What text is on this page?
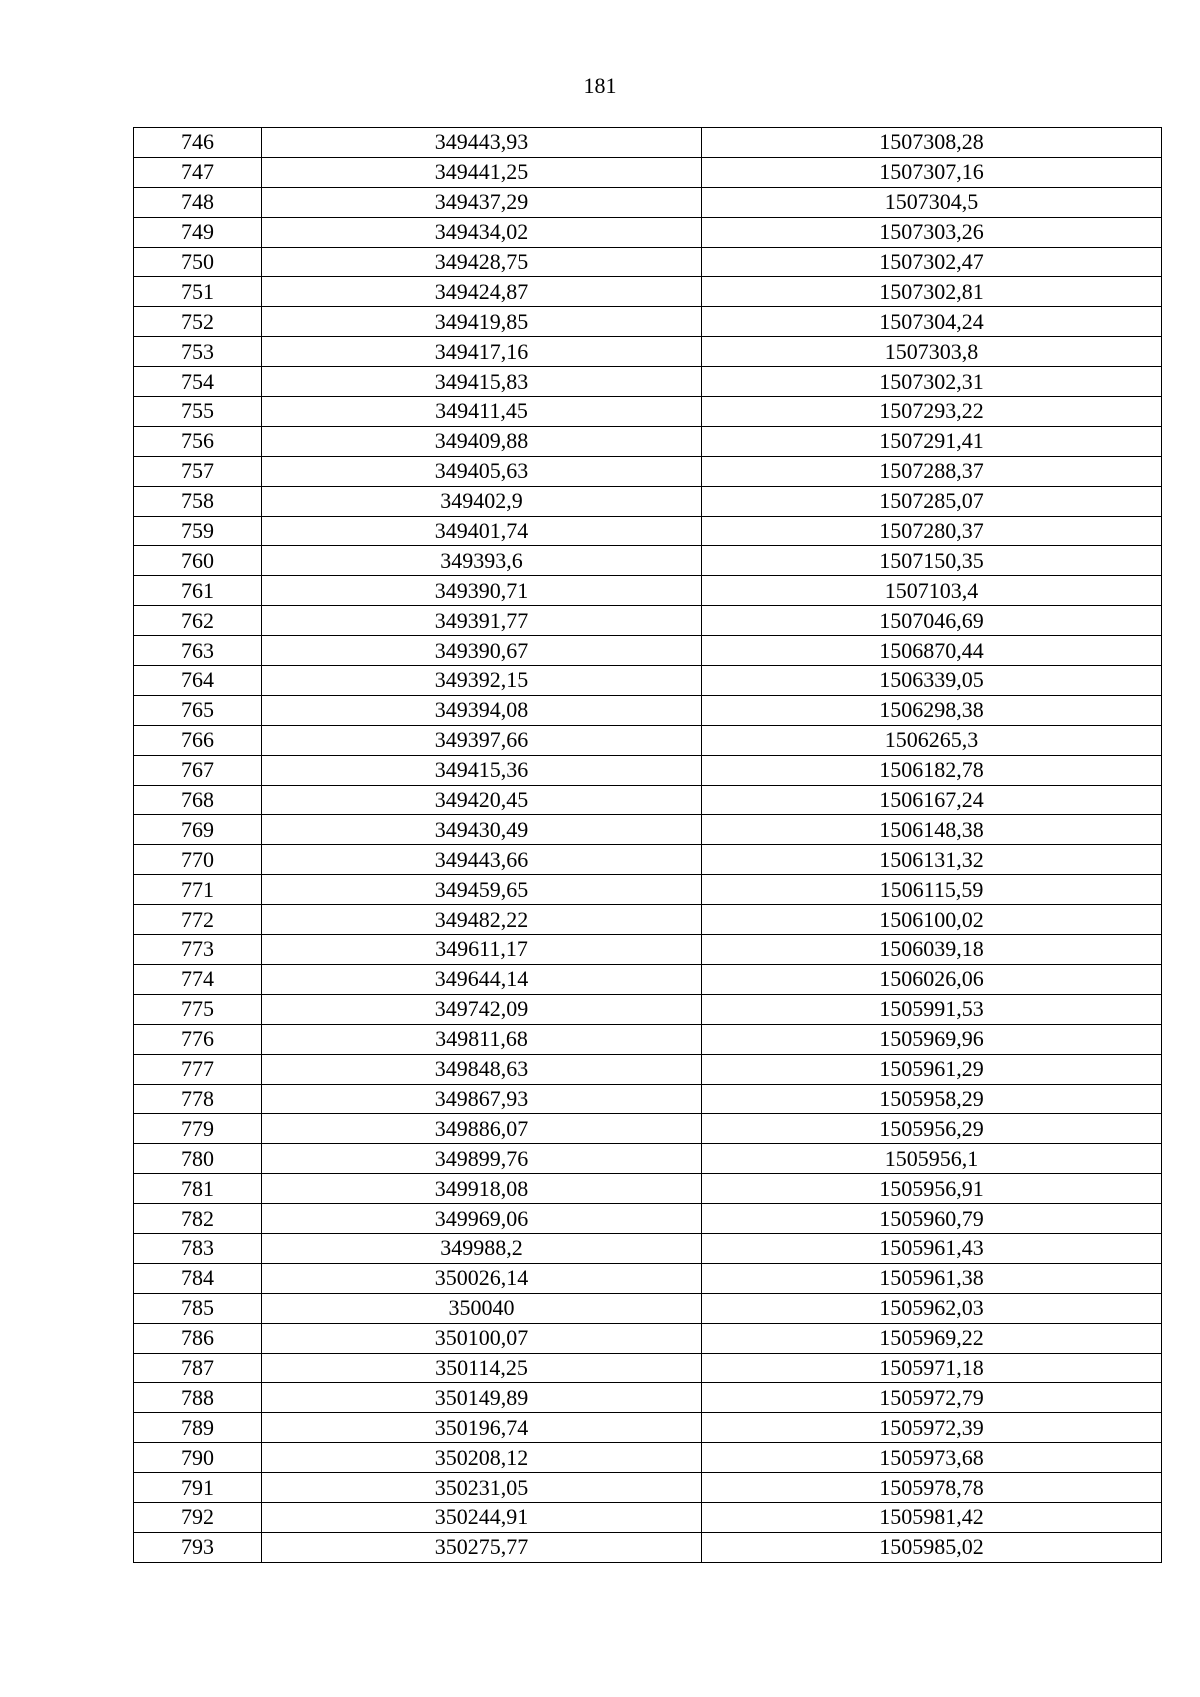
181
746	349443,93	1507308,28
747	349441,25	1507307,16
748	349437,29	1507304,5
749	349434,02	1507303,26
750	349428,75	1507302,47
751	349424,87	1507302,81
752	349419,85	1507304,24
753	349417,16	1507303,8
754	349415,83	1507302,31
755	349411,45	1507293,22
756	349409,88	1507291,41
757	349405,63	1507288,37
758	349402,9	1507285,07
759	349401,74	1507280,37
760	349393,6	1507150,35
761	349390,71	1507103,4
762	349391,77	1507046,69
763	349390,67	1506870,44
764	349392,15	1506339,05
765	349394,08	1506298,38
766	349397,66	1506265,3
767	349415,36	1506182,78
768	349420,45	1506167,24
769	349430,49	1506148,38
770	349443,66	1506131,32
771	349459,65	1506115,59
772	349482,22	1506100,02
773	349611,17	1506039,18
774	349644,14	1506026,06
775	349742,09	1505991,53
776	349811,68	1505969,96
777	349848,63	1505961,29
778	349867,93	1505958,29
779	349886,07	1505956,29
780	349899,76	1505956,1
781	349918,08	1505956,91
782	349969,06	1505960,79
783	349988,2	1505961,43
784	350026,14	1505961,38
785	350040	1505962,03
786	350100,07	1505969,22
787	350114,25	1505971,18
788	350149,89	1505972,79
789	350196,74	1505972,39
790	350208,12	1505973,68
791	350231,05	1505978,78
792	350244,91	1505981,42
793	350275,77	1505985,02
